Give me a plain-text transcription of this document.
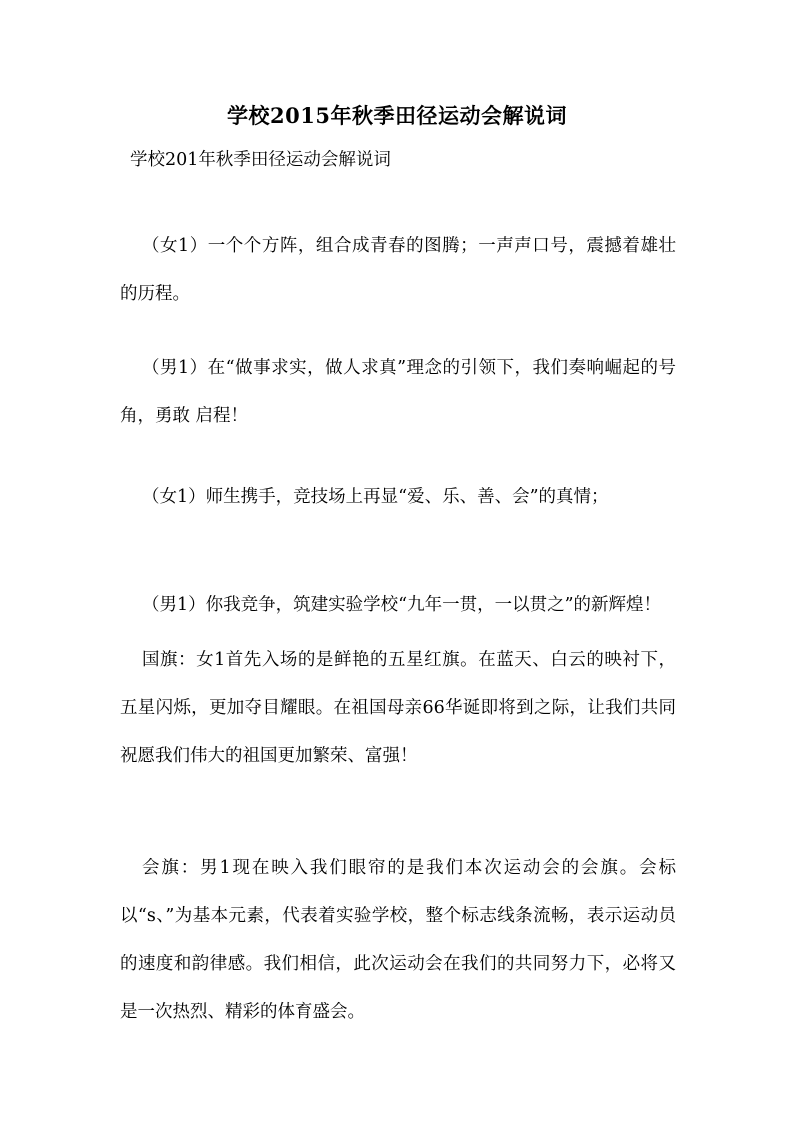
学校2015年秋季田径运动会解说词
学校201年秋季田径运动会解说词

（女1）一个个方阵，组合成青春的图腾；一声声口号，震撼着雄壮的历程。

（男1）在“做事求实，做人求真”理念的引领下，我们奏响崛起的号角，勇敢 启程！

（女1）师生携手，竞技场上再显“爱、乐、善、会”的真情；

（男1）你我竞争，筑建实验学校“九年一贯，一以贯之”的新辉煌！

国旗：女1首先入场的是鲜艳的五星红旗。在蓝天、白云的映衬下，五星闪烁，更加夺目耀眼。在祖国母亲66华诞即将到之际，让我们共同祝愿我们伟大的祖国更加繁荣、富强！

会旗：男1现在映入我们眼帘的是我们本次运动会的会旗。会标以“s、”为基本元素，代表着实验学校，整个标志线条流畅，表示运动员的速度和韵律感。我们相信，此次运动会在我们的共同努力下，必将又是一次热烈、精彩的体育盛会。
